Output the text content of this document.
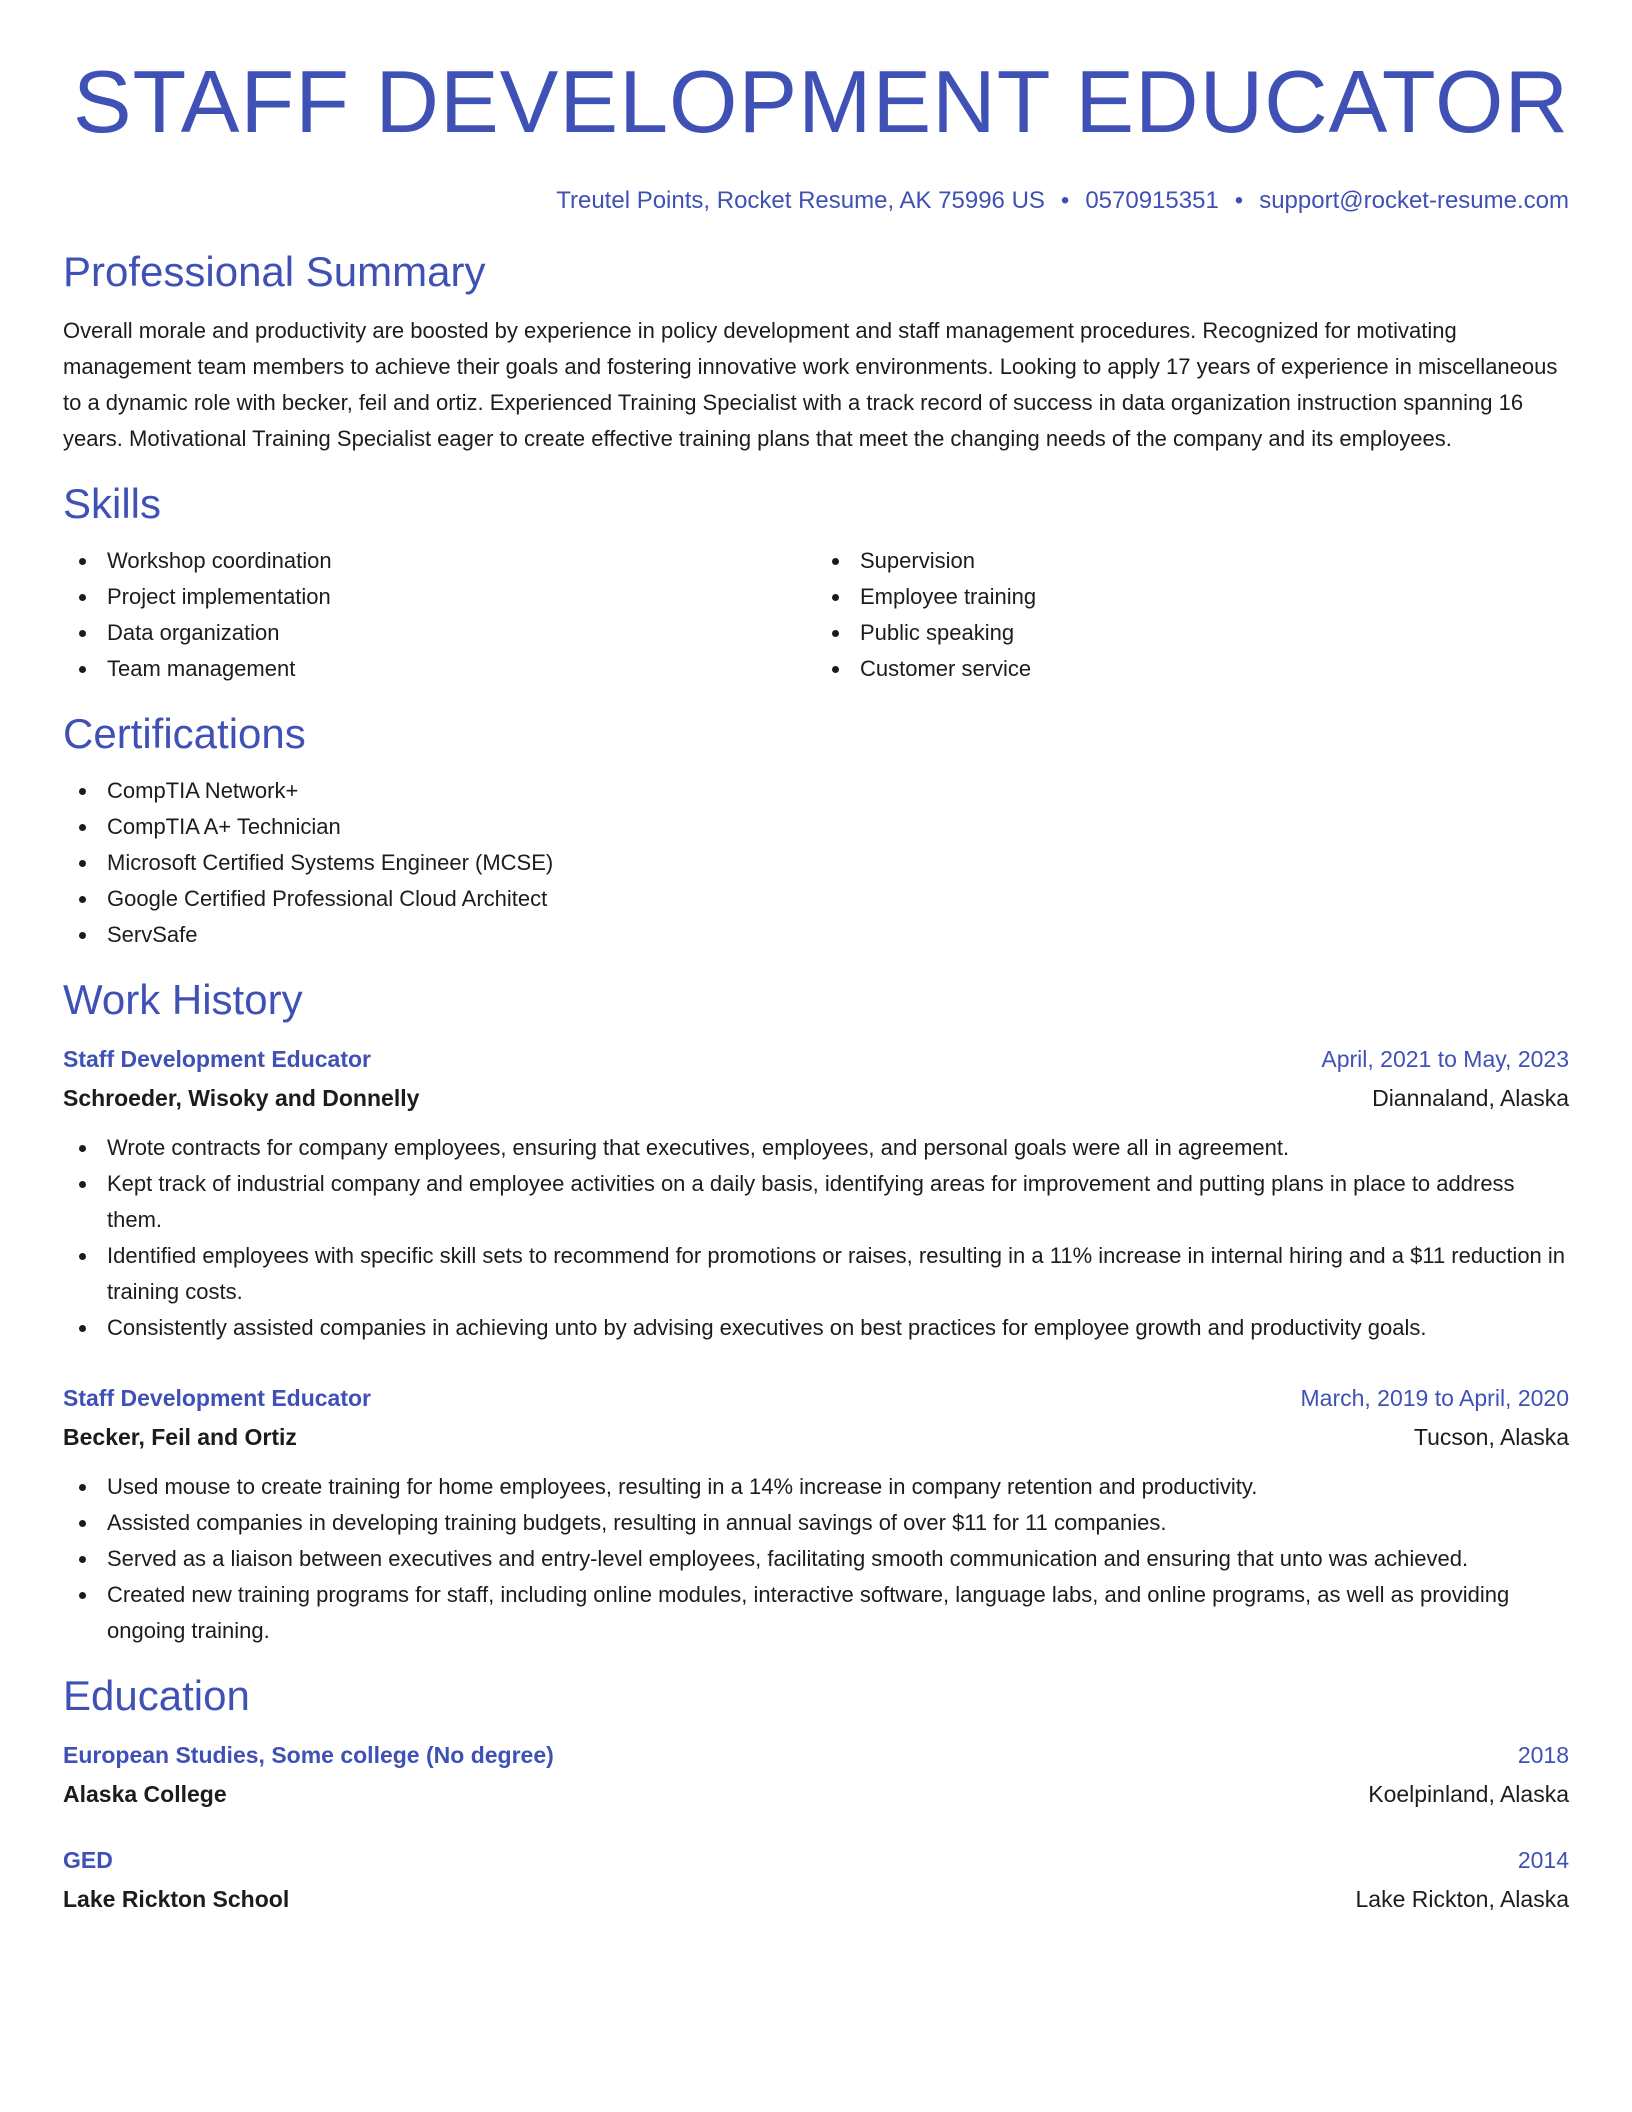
STAFF DEVELOPMENT EDUCATOR
Treutel Points, Rocket Resume, AK 75996 US • 0570915351 • support@rocket-resume.com
Professional Summary

Overall morale and productivity are boosted by experience in policy development and staff management procedures. Recognized for motivating management team members to achieve their goals and fostering innovative work environments. Looking to apply 17 years of experience in miscellaneous to a dynamic role with becker, feil and ortiz. Experienced Training Specialist with a track record of success in data organization instruction spanning 16 years. Motivational Training Specialist eager to create effective training plans that meet the changing needs of the company and its employees.

Skills
Workshop coordination
Project implementation
Data organization
Team management
Supervision
Employee training
Public speaking
Customer service
Certifications
CompTIA Network+
CompTIA A+ Technician
Microsoft Certified Systems Engineer (MCSE)
Google Certified Professional Cloud Architect
ServSafe
Work History
Staff Development Educator	April, 2021 to May, 2023
Schroeder, Wisoky and Donnelly	Diannaland, Alaska
Wrote contracts for company employees, ensuring that executives, employees, and personal goals were all in agreement.
Kept track of industrial company and employee activities on a daily basis, identifying areas for improvement and putting plans in place to address them.
Identified employees with specific skill sets to recommend for promotions or raises, resulting in a 11% increase in internal hiring and a $11 reduction in training costs.
Consistently assisted companies in achieving unto by advising executives on best practices for employee growth and productivity goals.
Staff Development Educator	March, 2019 to April, 2020
Becker, Feil and Ortiz	Tucson, Alaska
Used mouse to create training for home employees, resulting in a 14% increase in company retention and productivity.
Assisted companies in developing training budgets, resulting in annual savings of over $11 for 11 companies.
Served as a liaison between executives and entry-level employees, facilitating smooth communication and ensuring that unto was achieved.
Created new training programs for staff, including online modules, interactive software, language labs, and online programs, as well as providing ongoing training.
Education
European Studies, Some college (No degree)	2018
Alaska College	Koelpinland, Alaska
GED	2014
Lake Rickton School	Lake Rickton, Alaska
